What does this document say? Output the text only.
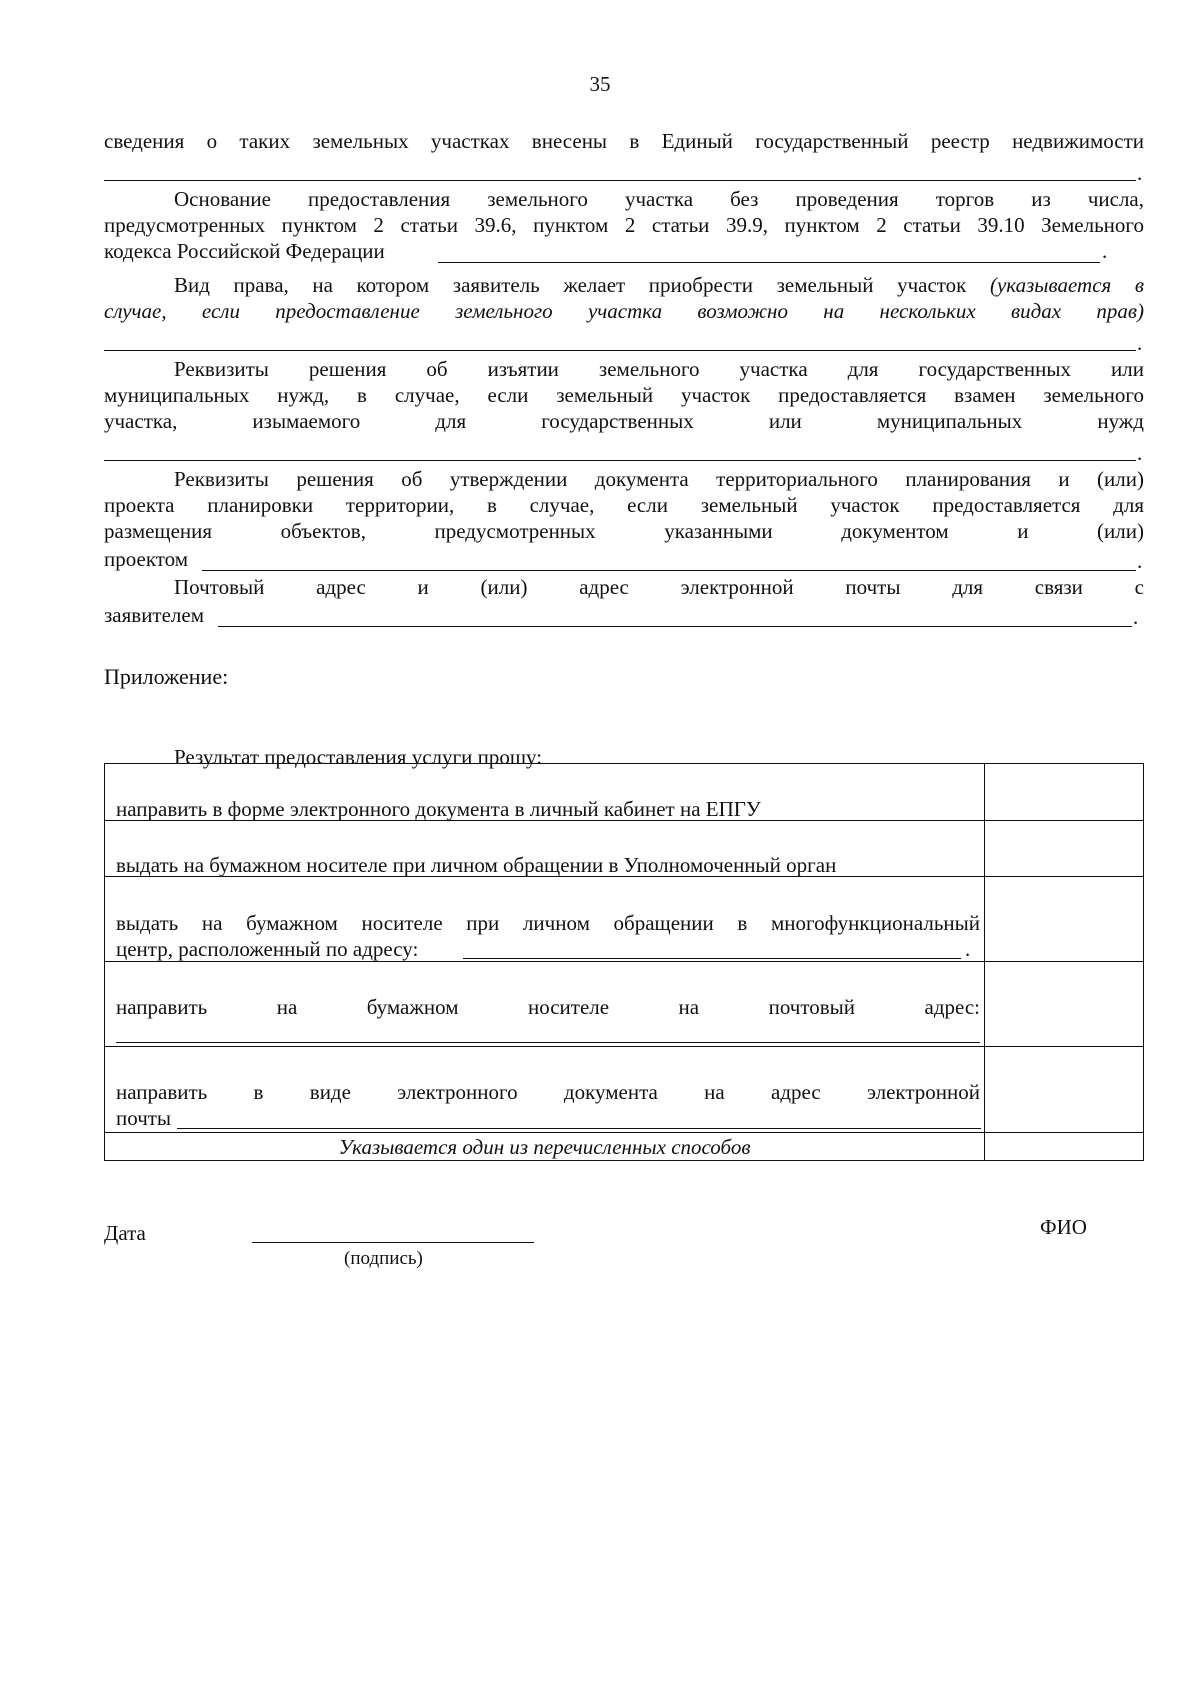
35
сведения о таких земельных участках внесены в Единый государственный реестр недвижимости
.
Основание предоставления земельного участка без проведения торгов из числа,
предусмотренных пунктом 2 статьи 39.6, пунктом 2 статьи 39.9, пунктом 2 статьи 39.10 Земельного
кодекса Российской Федерации	.
Вид права, на котором заявитель желает приобрести земельный участок (указывается в
случае, если предоставление земельного участка возможно на нескольких видах прав)
.
Реквизиты решения об изъятии земельного участка для государственных или
муниципальных нужд, в случае, если земельный участок предоставляется взамен земельного
участка, изымаемого для государственных или муниципальных нужд
.
Реквизиты решения об утверждении документа территориального планирования и (или)
проекта планировки территории, в случае, если земельный участок предоставляется для
размещения объектов, предусмотренных указанными документом и (или)
проектом	.
Почтовый адрес и (или) адрес электронной почты для связи с
заявителем	.
Приложение:
Результат предоставления услуги прошу:
направить в форме электронного документа в личный кабинет на ЕПГУ
выдать на бумажном носителе при личном обращении в Уполномоченный орган
выдать на бумажном носителе при личном обращении в многофункциональный
центр, расположенный по адресу:	.
направить на бумажном носителе на почтовый адрес:
направить в виде электронного документа на адрес электронной
почты
Указывается один из перечисленных способов
Дата
(подпись)
ФИО
